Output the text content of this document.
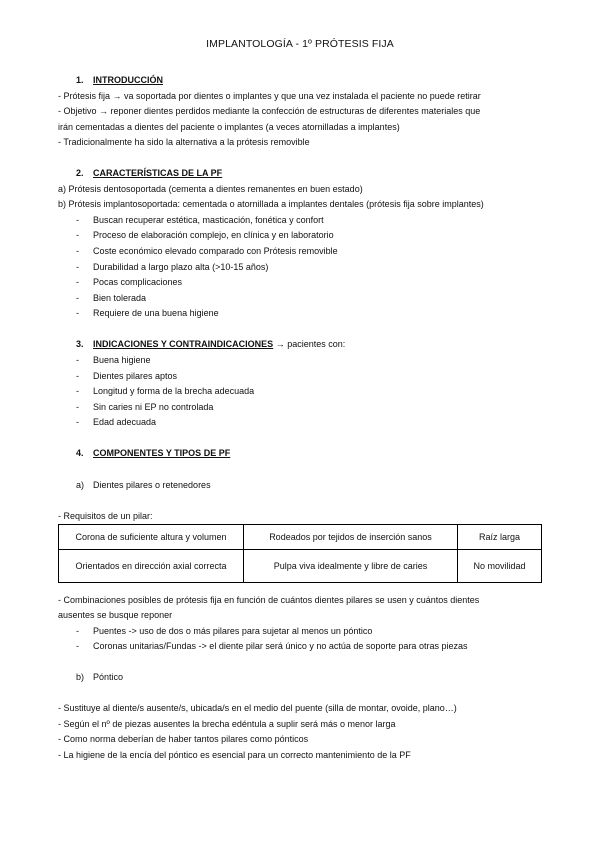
IMPLANTOLOGÍA - 1º PRÓTESIS FIJA
1. INTRODUCCIÓN
- Prótesis fija → va soportada por dientes o implantes y que una vez instalada el paciente no puede retirar
- Objetivo → reponer dientes perdidos mediante la confección de estructuras de diferentes materiales que
irán cementadas a dientes del paciente o implantes (a veces atornilladas a implantes)
- Tradicionalmente ha sido la alternativa a la prótesis removible
2. CARACTERÍSTICAS DE LA PF
a) Prótesis dentosoportada (cementa a dientes remanentes en buen estado)
b) Prótesis implantosoportada: cementada o atornillada a implantes dentales (prótesis fija sobre implantes)
- Buscan recuperar estética, masticación, fonética y confort
- Proceso de elaboración complejo, en clínica y en laboratorio
- Coste económico elevado comparado con Prótesis removible
- Durabilidad a largo plazo alta (>10-15 años)
- Pocas complicaciones
- Bien tolerada
- Requiere de una buena higiene
3. INDICACIONES Y CONTRAINDICACIONES → pacientes con:
- Buena higiene
- Dientes pilares aptos
- Longitud y forma de la brecha adecuada
- Sin caries ni EP no controlada
- Edad adecuada
4. COMPONENTES Y TIPOS DE PF
a) Dientes pilares o retenedores
- Requisitos de un pilar:
Corona de suficiente altura y volumen	Rodeados por tejidos de inserción sanos	Raíz larga
Orientados en dirección axial correcta	Pulpa viva idealmente y libre de caries	No movilidad
- Combinaciones posibles de prótesis fija en función de cuántos dientes pilares se usen y cuántos dientes
ausentes se busque reponer
- Puentes -> uso de dos o más pilares para sujetar al menos un póntico
- Coronas unitarias/Fundas -> el diente pilar será único y no actúa de soporte para otras piezas
b) Póntico
- Sustituye al diente/s ausente/s, ubicada/s en el medio del puente (silla de montar, ovoide, plano…)
- Según el nº de piezas ausentes la brecha edéntula a suplir será más o menor larga
- Como norma deberían de haber tantos pilares como pónticos
- La higiene de la encía del póntico es esencial para un correcto mantenimiento de la PF
